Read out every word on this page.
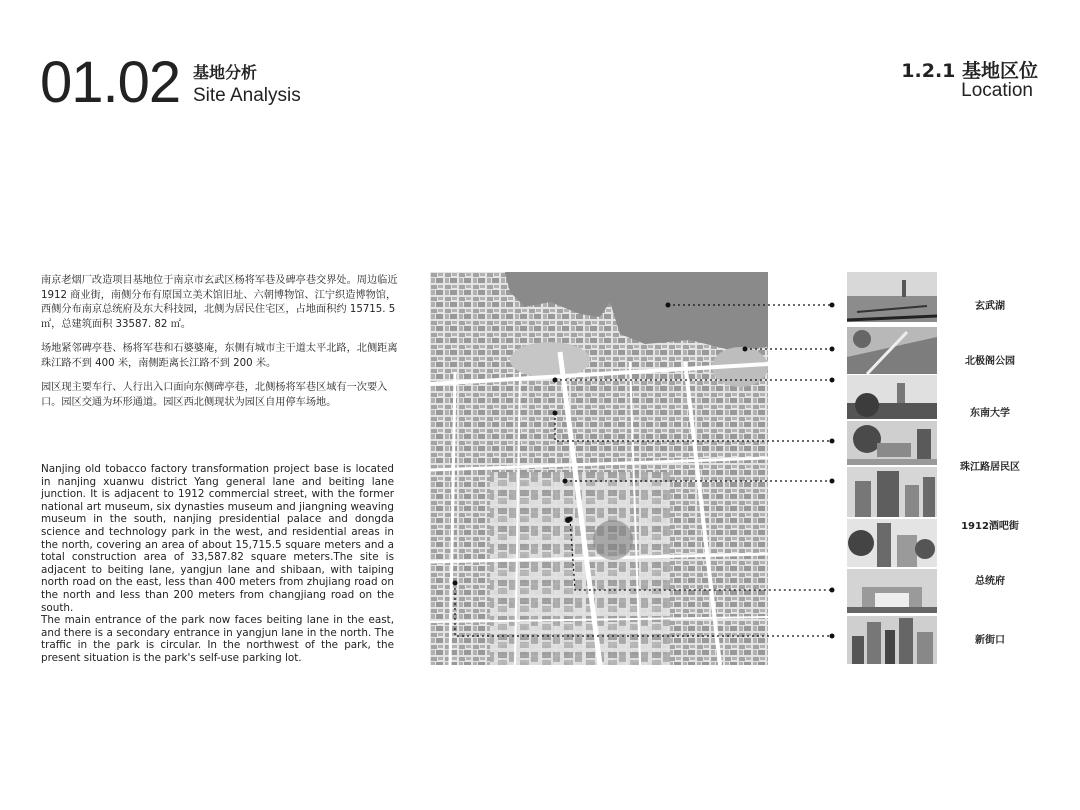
01.02 基地分析
Site Analysis
1.2.1 基地区位
Location
南京老烟厂改造项目基地位于南京市玄武区杨将军巷及碑亭巷交界处。周边临近 1912 商业街，南侧分布有原国立美术馆旧址、六朝博物馆、江宁织造博物馆，西侧分布南京总统府及东大科技园，北侧为居民住宅区，占地面积约 15715. 5 ㎡，总建筑面积 33587. 82 ㎡。
场地紧邻碑亭巷、杨将军巷和石婆婆庵，东侧有城市主干道太平北路，北侧距离珠江路不到 400 米，南侧距离长江路不到 200 米。
园区现主要车行、人行出入口面向东侧碑亭巷，北侧杨将军巷区域有一次要入口。园区交通为环形通道。园区西北侧现状为园区自用停车场地。
Nanjing old tobacco factory transformation project base is located in nanjing xuanwu district Yang general lane and beiting lane junction. It is adjacent to 1912 commercial street, with the former national art museum, six dynasties museum and jiangning weaving museum in the south, nanjing presidential palace and dongda science and technology park in the west, and residential areas in the north, covering an area of about 15,715.5 square meters and a total construction area of 33,587.82 square meters.The site is adjacent to beiting lane, yangjun lane and shibaan, with taiping north road on the east, less than 400 meters from zhujiang road on the north and less than 200 meters from changjiang road on the south.
The main entrance of the park now faces beiting lane in the east, and there is a secondary entrance in yangjun lane in the north. The traffic in the park is circular. In the northwest of the park, the present situation is the park's self-use parking lot.
玄武湖
北极阁公园
东南大学
珠江路居民区
1912酒吧街
总统府
新街口
